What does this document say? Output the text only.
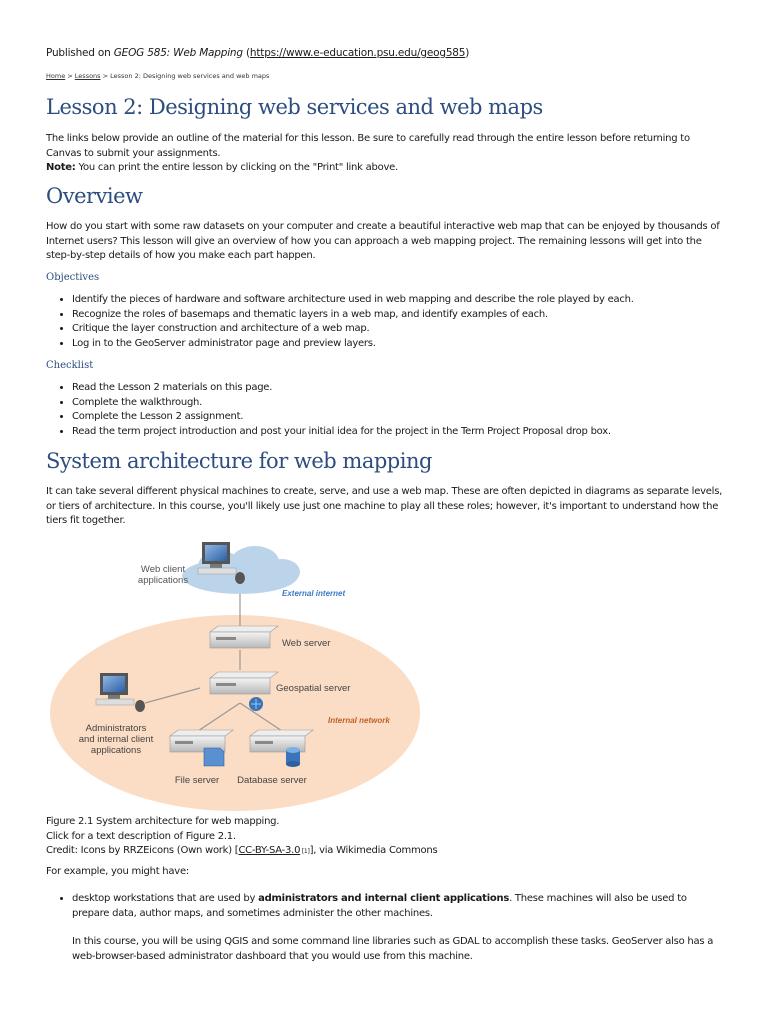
Published on GEOG 585: Web Mapping (https://www.e-education.psu.edu/geog585)
Home > Lessons > Lesson 2: Designing web services and web maps
Lesson 2: Designing web services and web maps

The links below provide an outline of the material for this lesson. Be sure to carefully read through the entire lesson before returning to Canvas to submit your assignments.
Note: You can print the entire lesson by clicking on the "Print" link above.

Overview

How do you start with some raw datasets on your computer and create a beautiful interactive web map that can be enjoyed by thousands of Internet users? This lesson will give an overview of how you can approach a web mapping project. The remaining lessons will get into the step-by-step details of how you make each part happen.

Objectives
• Identify the pieces of hardware and software architecture used in web mapping and describe the role played by each.
• Recognize the roles of basemaps and thematic layers in a web map, and identify examples of each.
• Critique the layer construction and architecture of a web map.
• Log in to the GeoServer administrator page and preview layers.
Checklist
• Read the Lesson 2 materials on this page.
• Complete the walkthrough.
• Complete the Lesson 2 assignment.
• Read the term project introduction and post your initial idea for the project in the Term Project Proposal drop box.
System architecture for web mapping

It can take several different physical machines to create, serve, and use a web map. These are often depicted in diagrams as separate levels, or tiers of architecture. In this course, you'll likely use just one machine to play all these roles; however, it's important to understand how the tiers fit together.

Web client
applications
External internet
Web server
Geospatial server
Internal network
Administrators
and internal client
applications
File server Database server
Figure 2.1 System architecture for web mapping.
Click for a text description of Figure 2.1.
Credit: Icons by RRZEicons (Own work) [CC-BY-SA-3.0 [1]], via Wikimedia Commons
For example, you might have:
• desktop workstations that are used by administrators and internal client applications. These machines will also be used to prepare data, author maps, and sometimes administer the other machines.

In this course, you will be using QGIS and some command line libraries such as GDAL to accomplish these tasks. GeoServer also has a web-browser-based administrator dashboard that you would use from this machine.
